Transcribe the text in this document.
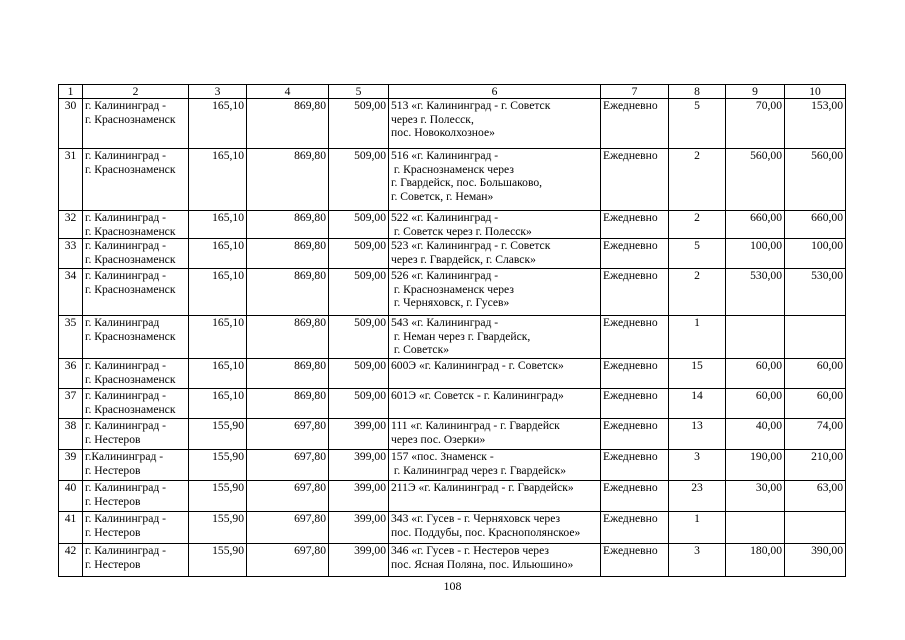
1	2	3	4	5	6	7	8	9	10
30	г. Калининград -
г. Краснознаменск	165,10	869,80	509,00	513 «г. Калининград - г. Советск
через г. Полесск,
пос. Новоколхозное»	Ежедневно	5	70,00	153,00
31	г. Калининград -
г. Краснознаменск	165,10	869,80	509,00	516 «г. Калининград -
г. Краснознаменск через
г. Гвардейск, пос. Большаково,
г. Советск, г. Неман»	Ежедневно	2	560,00	560,00
32	г. Калининград -
г. Краснознаменск	165,10	869,80	509,00	522 «г. Калининград -
г. Советск через г. Полесск»	Ежедневно	2	660,00	660,00
33	г. Калининград -
г. Краснознаменск	165,10	869,80	509,00	523 «г. Калининград - г. Советск
через г. Гвардейск, г. Славск»	Ежедневно	5	100,00	100,00
34	г. Калининград -
г. Краснознаменск	165,10	869,80	509,00	526 «г. Калининград -
г. Краснознаменск через
г. Черняховск, г. Гусев»	Ежедневно	2	530,00	530,00
35	г. Калининград
г. Краснознаменск	165,10	869,80	509,00	543 «г. Калининград -
г. Неман через г. Гвардейск,
г. Советск»	Ежедневно	1		
36	г. Калининград -
г. Краснознаменск	165,10	869,80	509,00	600Э «г. Калининград - г. Советск»	Ежедневно	15	60,00	60,00
37	г. Калининград -
г. Краснознаменск	165,10	869,80	509,00	601Э «г. Советск - г. Калининград»	Ежедневно	14	60,00	60,00
38	г. Калининград -
г. Нестеров	155,90	697,80	399,00	111 «г. Калининград - г. Гвардейск
через пос. Озерки»	Ежедневно	13	40,00	74,00
39	г.Калининград -
г. Нестеров	155,90	697,80	399,00	157 «пос. Знаменск -
г. Калининград через г. Гвардейск»	Ежедневно	3	190,00	210,00
40	г. Калининград -
г. Нестеров	155,90	697,80	399,00	211Э «г. Калининград - г. Гвардейск»	Ежедневно	23	30,00	63,00
41	г. Калининград -
г. Нестеров	155,90	697,80	399,00	343 «г. Гусев - г. Черняховск через
пос. Поддубы, пос. Краснополянское»	Ежедневно	1		
42	г. Калининград -
г. Нестеров	155,90	697,80	399,00	346 «г. Гусев - г. Нестеров через
пос. Ясная Поляна, пос. Ильюшино»	Ежедневно	3	180,00	390,00
108
